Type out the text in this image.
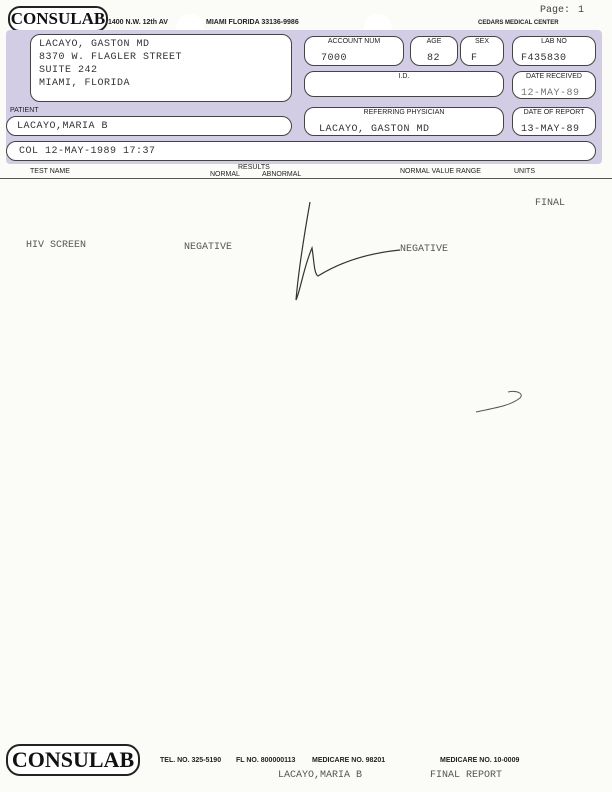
CONSULAB 1400 N.W. 12th AV	MIAMI FLORIDA 33136-9986
Page: 1
CEDARS MEDICAL CENTER
LACAYO, GASTON MD
8370 W. FLAGLER STREET
SUITE 242
MIAMI, FLORIDA
ACCOUNT NUM
7000
AGE
82
SEX
F
LAB NO
F435830
I.D.	DATE RECEIVED
12-MAY-89
PATIENT
LACAYO,MARIA B
REFERRING PHYSICIAN
LACAYO, GASTON MD
DATE OF REPORT
13-MAY-89
COL 12-MAY-1989 17:37
TEST NAME
RESULTS
NORMAL	ABNORMAL	NORMAL VALUE RANGE	UNITS
FINAL
HIV SCREEN	NEGATIVE	NEGATIVE
CONSULAB	TEL. NO. 325-5190 FL NO. 800000113 MEDICARE NO. 98201	MEDICARE NO. 10-0009
LACAYO,MARIA B	FINAL REPORT
